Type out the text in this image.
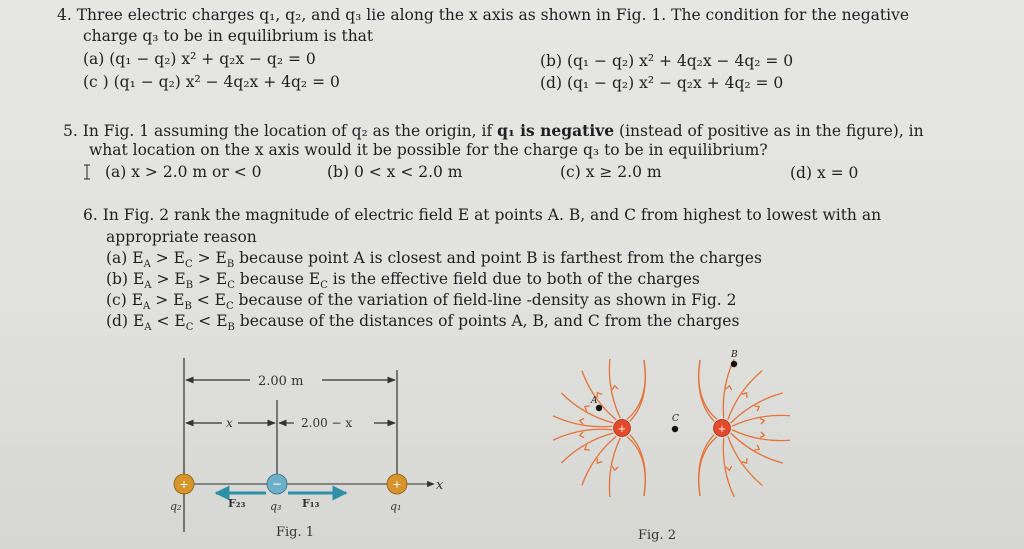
4. Three electric charges q₁, q₂, and q₃ lie along the x axis as shown in Fig. 1. The condition for the negative
charge q₃ to be in equilibrium is that
(a) (q₁ − q₂) x² + q₂x − q₂ = 0	(b) (q₁ − q₂) x² + 4q₂x − 4q₂ = 0
(c ) (q₁ − q₂) x² − 4q₂x + 4q₂ = 0	(d) (q₁ − q₂) x² − q₂x + 4q₂ = 0
5. In Fig. 1 assuming the location of q₂ as the origin, if q₁ is negative (instead of positive as in the figure), in
what location on the x axis would it be possible for the charge q₃ to be in equilibrium?
(a) x > 2.0 m or < 0	(b) 0 < x < 2.0 m	(c) x ≥ 2.0 m	(d) x = 0
6. In Fig. 2 rank the magnitude of electric field E at points A. B, and C from highest to lowest with an
appropriate reason
(a) $E_A > E_C > E_B$ because point A is closest and point B is farthest from the charges
(b) $E_A > E_B > E_C$ because $E_C$ is the effective field due to both of the charges
(c) $E_A > E_B < E_C$ because of the variation of field-line -density as shown in Fig. 2
(d) $E_A < E_C < E_B$ because of the distances of points A, B, and C from the charges
2.00 m
x	2.00 − x
x
+	−	+
q₂	F₂₃ q₃ F₁₃	q₁
Fig. 1
A
B
C
+	+
Fig. 2
